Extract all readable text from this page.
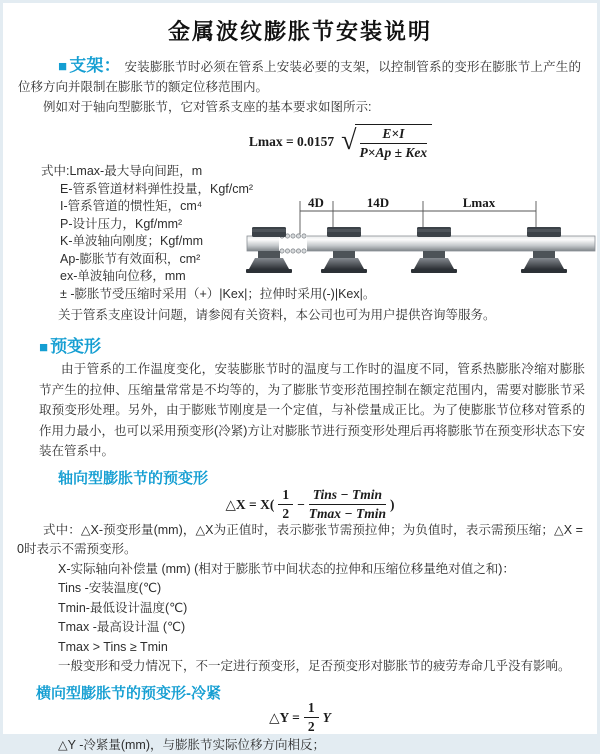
金属波纹膨胀节安装说明

■ 支架： 安装膨胀节时必须在管系上安装必要的支架，以控制管系的变形在膨胀节上产生的位移方向并限制在膨胀节的额定位移范围内。

例如对于轴向型膨胀节，它对管系支座的基本要求如图所示:

Lmax = 0.0157 √ $\frac{E\times I}{\text{P×Ap ± Kex}}$
式中:Lmax-最大导向间距，m
E-管系管道材料弹性投量，Kgf/cm²
I-管系管道的惯性矩，cm⁴
P-设计压力，Kgf/mm²
K-单波轴向刚度；Kgf/mm
Ap-膨胀节有效面积，cm²
ex-单波轴向位移，mm
± -膨胀节受压缩时采用（+）|Kex|；拉伸时采用(-)|Kex|。
关于管系支座设计问题，请参阅有关资料，本公司也可为用户提供咨询等服务。
4D	14D	Lmax
■ 预变形

由于管系的工作温度变化，安装膨胀节时的温度与工作时的温度不同，管系热膨胀冷缩对膨胀节产生的拉伸、压缩量常常是不均等的，为了膨胀节变形范围控制在额定范围内，需要对膨胀节采取预变形处理。另外，由于膨账节刚度是一个定值，与补偿量成正比。为了使膨胀节位移对管系的作用力最小，也可以采用预变形(冷紧)方让对膨胀节进行预变形处理后再将膨胀节在预变形状态下安装在管系中。

轴向型膨胀节的预变形
△X = $X( \frac{1}{2} - \frac{\text{Tins − Tmin}}{Tmax - Tmin}$ )

式中：△X-预变形量(mm)，△X为正值时，表示膨张节需预拉伸；为负值时，表示需预压缩；△X = 0时表示不需预变形。

X-实际轴向补偿量 (mm) (相对于膨胀节中间状态的拉伸和压缩位移量绝对值之和)：
Tins -安装温度(℃)
Tmin-最低设计温度(℃)
Tmax -最高设计温 (℃)
Tmax > Tins ≥ Tmin
一般变形和受力情况下，不一定进行预变形，足否预变形对膨胀节的疲劳寿命几乎没有影响。
横向型膨胀节的预变形-冷紧
△Y = $\frac{1}{2}$ Y
△Y -冷紧量(mm)，与膨胀节实际位移方向相反；
